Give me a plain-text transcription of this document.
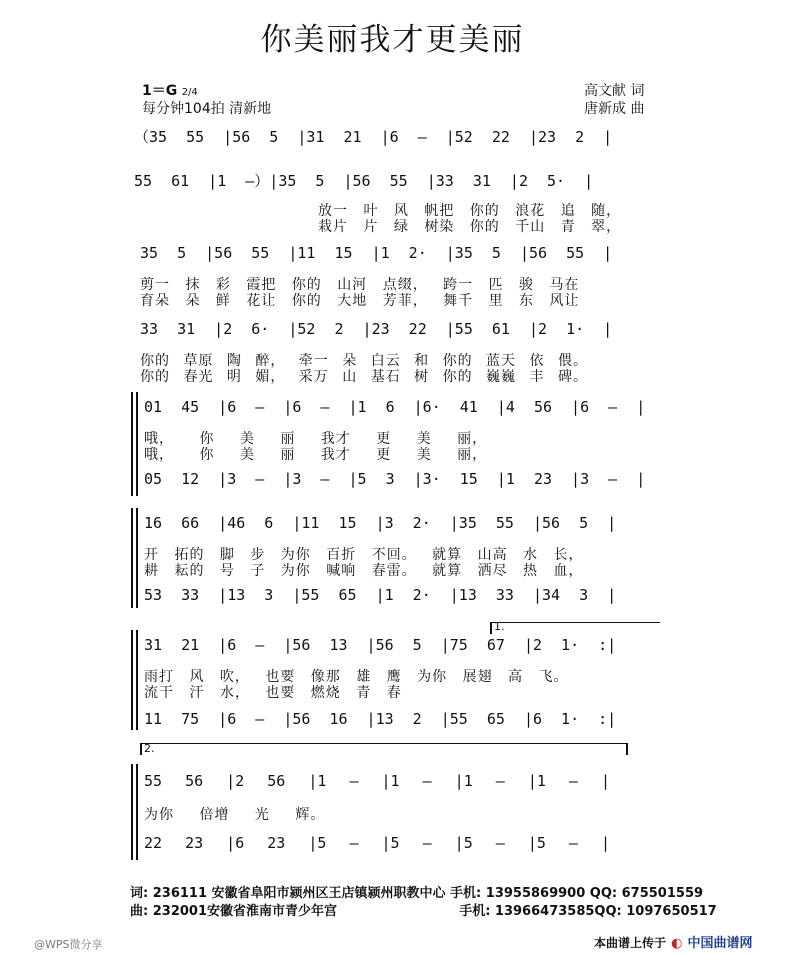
你美丽我才更美丽
1＝G 2/4
每分钟104拍 清新地
高文献 词
唐新成 曲
（35 55 |56 5 |31 21 |6 — |52 22 |23 2 |
55 61 |1 —）|35 5 |56 55 |33 31 |2 5· |
放一 叶 风 帆把 你的 浪花 追 随，
栽片 片 绿 树染 你的 千山 青 翠，
35 5 |56 55 |11 15 |1 2· |35 5 |56 55 |
剪一 抹 彩 霞把 你的 山河 点缀， 跨一 匹 骏 马在
育朵 朵 鲜 花让 你的 大地 芳菲， 舞千 里 东 风让
33 31 |2 6· |52 2 |23 22 |55 61 |2 1· |
你的 草原 陶 醉， 牵一 朵 白云 和 你的 蓝天 依 偎。
你的 春光 明 媚， 采万 山 基石 树 你的 巍巍 丰 碑。
01 45 |6 — |6 — |1 6 |6· 41 |4 56 |6 — |
哦， 你 美 丽 我才 更 美 丽，
哦， 你 美 丽 我才 更 美 丽，
05 12 |3 — |3 — |5 3 |3· 15 |1 23 |3 — |
16 66 |46 6 |11 15 |3 2· |35 55 |56 5 |
开 拓的 脚 步 为你 百折 不回。 就算 山高 水 长，
耕 耘的 号 子 为你 喊响 春雷。 就算 洒尽 热 血，
53 33 |13 3 |55 65 |1 2· |13 33 |34 3 |
1.
31 21 |6 — |56 13 |56 5 |75 67 |2 1· :|
雨打 风 吹， 也要 像那 雄 鹰 为你 展翅 高 飞。
流干 汗 水， 也要 燃烧 青 春
11 75 |6 — |56 16 |13 2 |55 65 |6 1· :|
2.
55 56 |2 56 |1 — |1 — |1 — |1 — |
为你 倍增 光 辉。
22 23 |6 23 |5 — |5 — |5 — |5 — |
词: 236111 安徽省阜阳市颍州区王店镇颍州职教中心 手机: 13955869900 QQ: 675501559
曲: 232001安徽省淮南市青少年宫                           手机: 13966473585QQ: 1097650517
@WPS微分享	本曲谱上传于 ◐ 中国曲谱网
